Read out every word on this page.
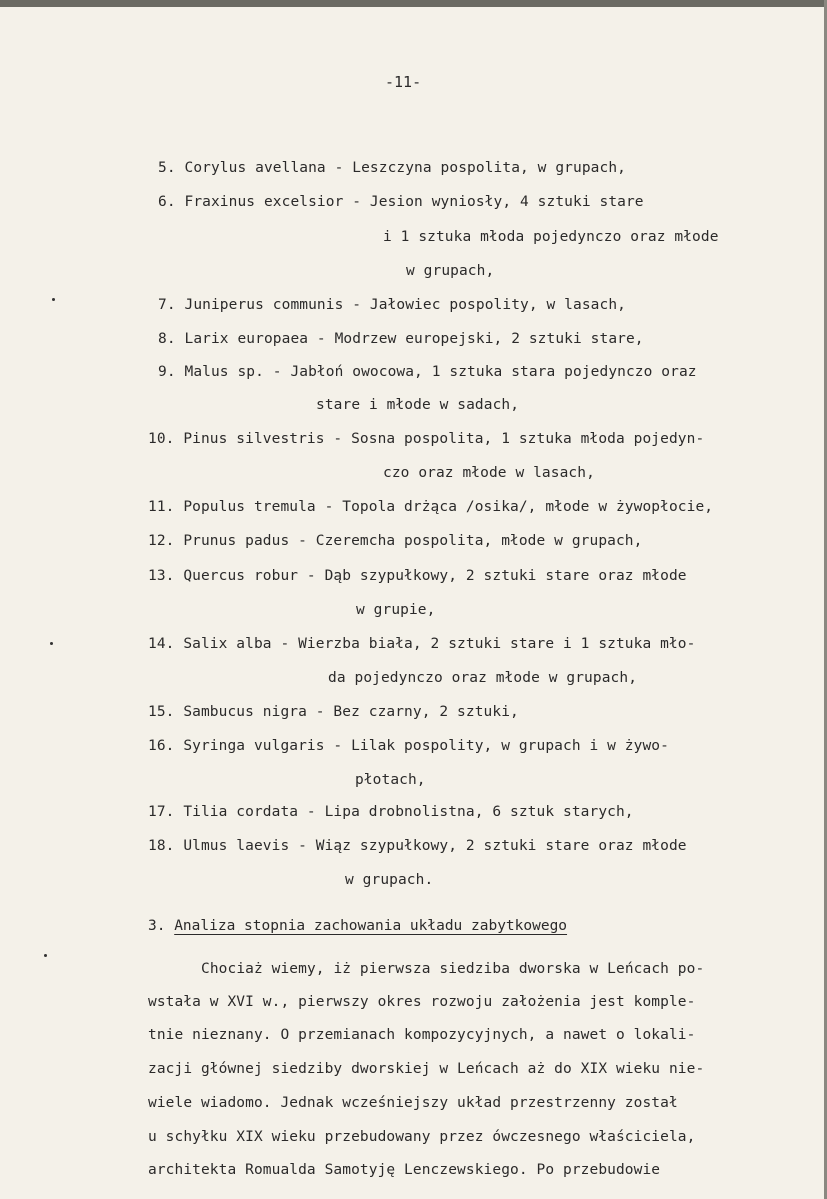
-11-
5. Corylus avellana - Leszczyna pospolita, w grupach,
6. Fraxinus excelsior - Jesion wyniosły, 4 sztuki stare
i 1 sztuka młoda pojedynczo oraz młode
w grupach,
7. Juniperus communis - Jałowiec pospolity, w lasach,
8. Larix europaea - Modrzew europejski, 2 sztuki stare,
9. Malus sp. - Jabłoń owocowa, 1 sztuka stara pojedynczo oraz
stare i młode w sadach,
10. Pinus silvestris - Sosna pospolita, 1 sztuka młoda pojedyn-
czo oraz młode w lasach,
11. Populus tremula - Topola drżąca /osika/, młode w żywopłocie,
12. Prunus padus - Czeremcha pospolita, młode w grupach,
13. Quercus robur - Dąb szypułkowy, 2 sztuki stare oraz młode
w grupie,
14. Salix alba - Wierzba biała, 2 sztuki stare i 1 sztuka mło-
da pojedynczo oraz młode w grupach,
15. Sambucus nigra - Bez czarny, 2 sztuki,
16. Syringa vulgaris - Lilak pospolity, w grupach i w żywo-
płotach,
17. Tilia cordata - Lipa drobnolistna, 6 sztuk starych,
18. Ulmus laevis - Wiąz szypułkowy, 2 sztuki stare oraz młode
w grupach.
3. Analiza stopnia zachowania układu zabytkowego
Chociaż wiemy, iż pierwsza siedziba dworska w Leńcach po-
wstała w XVI w., pierwszy okres rozwoju założenia jest komple-
tnie nieznany. O przemianach kompozycyjnych, a nawet o lokali-
zacji głównej siedziby dworskiej w Leńcach aż do XIX wieku nie-
wiele wiadomo. Jednak wcześniejszy układ przestrzenny został
u schyłku XIX wieku przebudowany przez ówczesnego właściciela,
architekta Romualda Samotyję Lenczewskiego. Po przebudowie
